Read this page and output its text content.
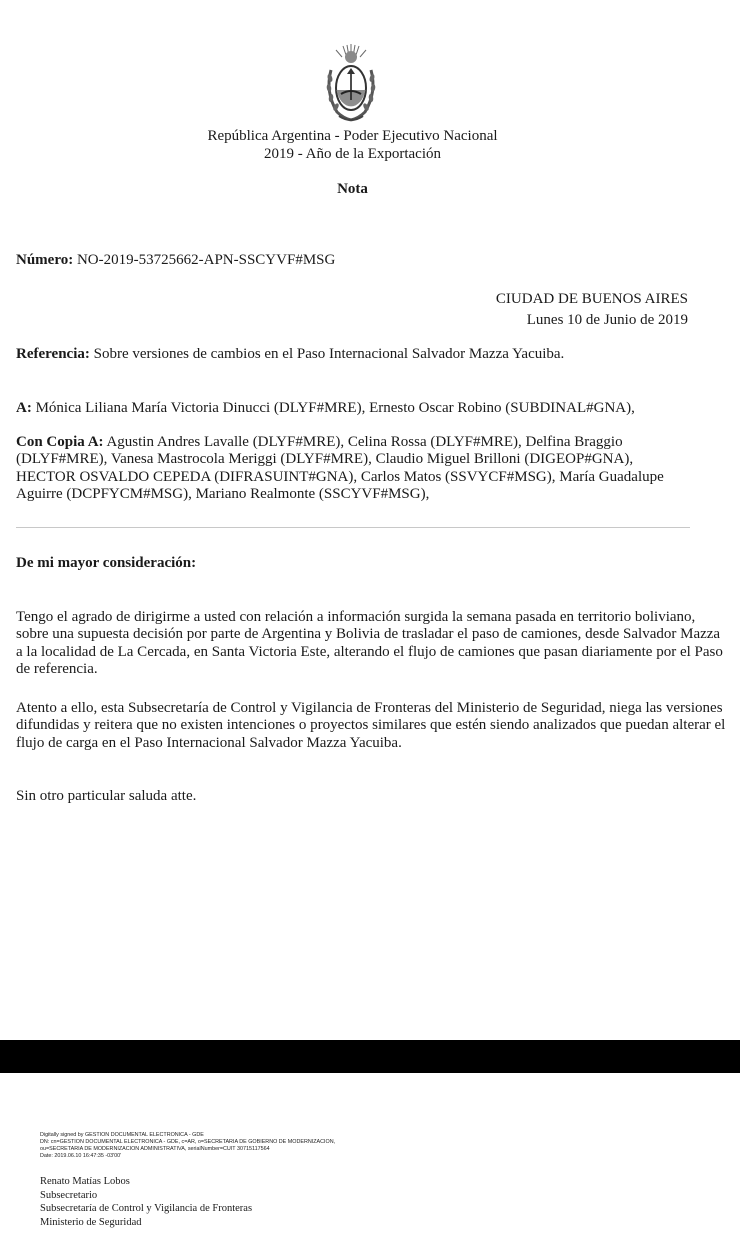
República Argentina - Poder Ejecutivo Nacional
2019 - Año de la Exportación
Nota
Número: NO-2019-53725662-APN-SSCYVF#MSG
CIUDAD DE BUENOS AIRES
Lunes 10 de Junio de 2019
Referencia: Sobre versiones de cambios en el Paso Internacional Salvador Mazza Yacuiba.
A: Mónica Liliana María Victoria Dinucci (DLYF#MRE), Ernesto Oscar Robino (SUBDINAL#GNA),
Con Copia A: Agustin Andres Lavalle (DLYF#MRE), Celina Rossa (DLYF#MRE), Delfina Braggio (DLYF#MRE), Vanesa Mastrocola Meriggi (DLYF#MRE), Claudio Miguel Brilloni (DIGEOP#GNA), HECTOR OSVALDO CEPEDA (DIFRASUINT#GNA), Carlos Matos (SSVYCF#MSG), María Guadalupe Aguirre (DCPFYCM#MSG), Mariano Realmonte (SSCYVF#MSG),
De mi mayor consideración:
Tengo el agrado de dirigirme a usted con relación a información surgida la semana pasada en territorio boliviano, sobre una supuesta decisión por parte de Argentina y Bolivia de trasladar el paso de camiones, desde Salvador Mazza a la localidad de La Cercada, en Santa Victoria Este, alterando el flujo de camiones que pasan diariamente por el Paso de referencia.
Atento a ello, esta Subsecretaría de Control y Vigilancia de Fronteras del Ministerio de Seguridad, niega las versiones difundidas y reitera que no existen intenciones o proyectos similares que estén siendo analizados que puedan alterar el flujo de carga en el Paso Internacional Salvador Mazza Yacuiba.
Sin otro particular saluda atte.
Digitally signed by GESTION DOCUMENTAL ELECTRONICA - GDE
DN: cn=GESTION DOCUMENTAL ELECTRONICA - GDE, c=AR, o=SECRETARIA DE GOBIERNO DE MODERNIZACION,
ou=SECRETARIA DE MODERNIZACION ADMINISTRATIVA, serialNumber=CUIT 30715117564
Date: 2019.06.10 16:47:35 -03'00'
Renato Matías Lobos
Subsecretario
Subsecretaría de Control y Vigilancia de Fronteras
Ministerio de Seguridad
